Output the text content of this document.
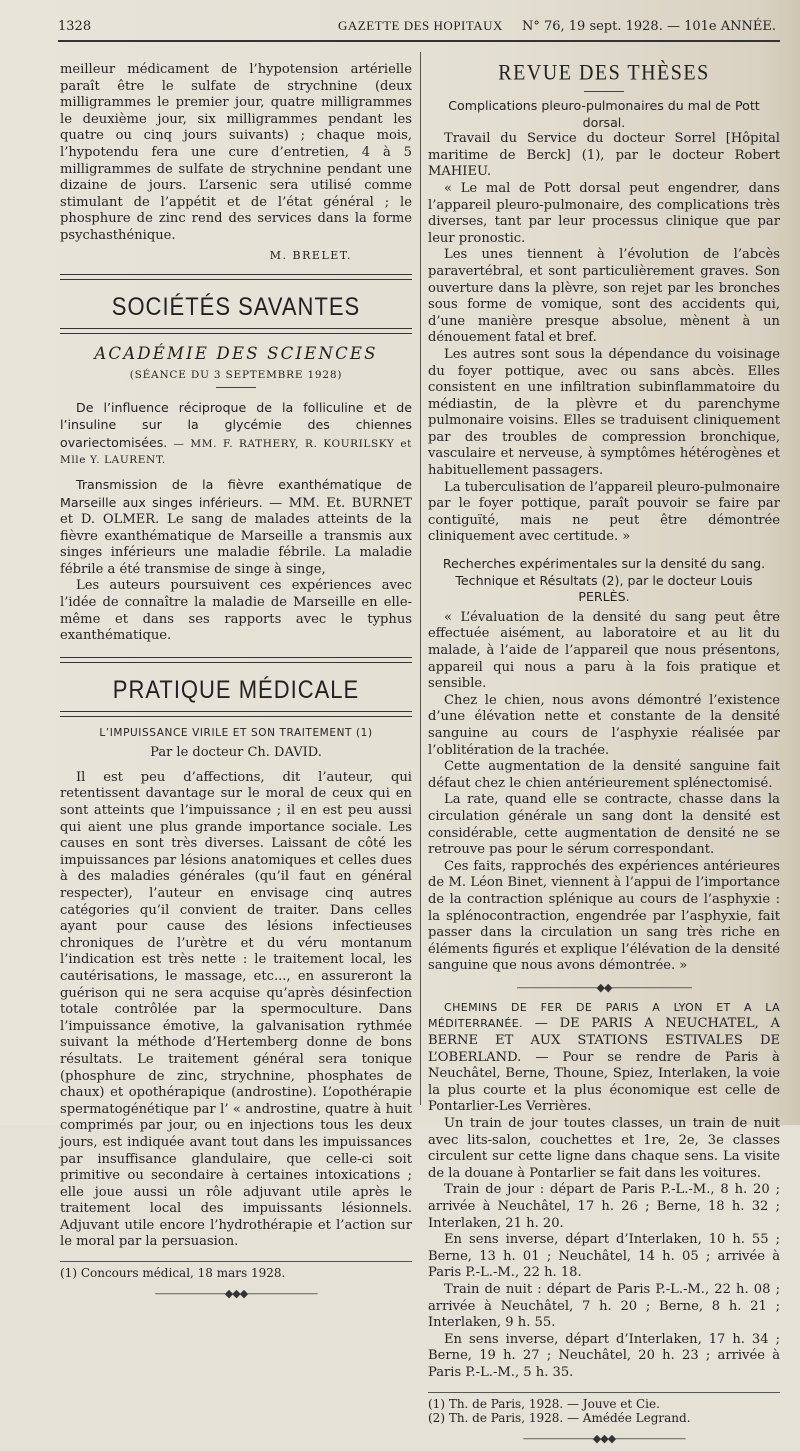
1328	GAZETTE DES HOPITAUX N° 76, 19 sept. 1928. — 101e ANNÉE.

meilleur médicament de l’hypotension artérielle paraît être le sulfate de strychnine (deux milligrammes le premier jour, quatre milligrammes le deuxième jour, six milligrammes pendant les quatre ou cinq jours suivants) ; chaque mois, l’hypotendu fera une cure d’entretien, 4 à 5 milligrammes de sulfate de strychnine pendant une dizaine de jours. L’arsenic sera utilisé comme stimulant de l’appétit et de l’état général ; le phosphure de zinc rend des services dans la forme psychasthénique.

M. BRELET.
SOCIÉTÉS SAVANTES
ACADÉMIE DES SCIENCES
(SÉANCE DU 3 SEPTEMBRE 1928)

De l’influence réciproque de la folliculine et de l’insuline sur la glycémie des chiennes ovariectomisées. — MM. F. RATHERY, R. KOURILSKY et Mlle Y. LAURENT.

Transmission de la fièvre exanthématique de Marseille aux singes inférieurs. — MM. Et. BURNET et D. OLMER. Le sang de malades atteints de la fièvre exanthématique de Marseille a transmis aux singes inférieurs une maladie fébrile. La maladie fébrile a été transmise de singe à singe,

Les auteurs poursuivent ces expériences avec l’idée de connaître la maladie de Marseille en elle-même et dans ses rapports avec le typhus exanthématique.

PRATIQUE MÉDICALE
L’IMPUISSANCE VIRILE ET SON TRAITEMENT (1)
Par le docteur Ch. DAVID.

Il est peu d’affections, dit l’auteur, qui retentissent davantage sur le moral de ceux qui en sont atteints que l’impuissance ; il en est peu aussi qui aient une plus grande importance sociale. Les causes en sont très diverses. Laissant de côté les impuissances par lésions anatomiques et celles dues à des maladies générales (qu’il faut en général respecter), l’auteur en envisage cinq autres catégories qu’il convient de traiter. Dans celles ayant pour cause des lésions infectieuses chroniques de l’urètre et du véru montanum l’indication est très nette : le traitement local, les cautérisations, le massage, etc..., en assureront la guérison qui ne sera acquise qu’après désinfection totale contrôlée par la spermoculture. Dans l’impuissance émotive, la galvanisation rythmée suivant la méthode d’Hertemberg donne de bons résultats. Le traitement général sera tonique (phosphure de zinc, strychnine, phosphates de chaux) et opothérapique (androstine). L’opothérapie spermatogénétique par l’ « androstine, quatre à huit comprimés par jour, ou en injections tous les deux jours, est indiquée avant tout dans les impuissances par insuffisance glandulaire, que celle-ci soit primitive ou secondaire à certaines intoxications ; elle joue aussi un rôle adjuvant utile après le traitement local des impuissants lésionnels. Adjuvant utile encore l’hydrothérapie et l’action sur le moral par la persuasion.

(1) Concours médical, 18 mars 1928.
———————◆◆◆———————
REVUE DES THÈSES

Complications pleuro-pulmonaires du mal de Pott dorsal.

Travail du Service du docteur Sorrel [Hôpital maritime de Berck] (1), par le docteur Robert MAHIEU.

« Le mal de Pott dorsal peut engendrer, dans l’appareil pleuro-pulmonaire, des complications très diverses, tant par leur processus clinique que par leur pronostic.

Les unes tiennent à l’évolution de l’abcès paravertébral, et sont particulièrement graves. Son ouverture dans la plèvre, son rejet par les bronches sous forme de vomique, sont des accidents qui, d’une manière presque absolue, mènent à un dénouement fatal et bref.

Les autres sont sous la dépendance du voisinage du foyer pottique, avec ou sans abcès. Elles consistent en une infiltration subinflammatoire du médiastin, de la plèvre et du parenchyme pulmonaire voisins. Elles se traduisent cliniquement par des troubles de compression bronchique, vasculaire et nerveuse, à symptômes hétérogènes et habituellement passagers.

La tuberculisation de l’appareil pleuro-pulmonaire par le foyer pottique, paraît pouvoir se faire par contiguïté, mais ne peut être démontrée cliniquement avec certitude. »

Recherches expérimentales sur la densité du sang. Technique et Résultats (2), par le docteur Louis PERLÈS.

« L’évaluation de la densité du sang peut être effectuée aisément, au laboratoire et au lit du malade, à l’aide de l’appareil que nous présentons, appareil qui nous a paru à la fois pratique et sensible.

Chez le chien, nous avons démontré l’existence d’une élévation nette et constante de la densité sanguine au cours de l’asphyxie réalisée par l’oblitération de la trachée.

Cette augmentation de la densité sanguine fait défaut chez le chien antérieurement splénectomisé.

La rate, quand elle se contracte, chasse dans la circulation générale un sang dont la densité est considérable, cette augmentation de densité ne se retrouve pas pour le sérum correspondant.

Ces faits, rapprochés des expériences antérieures de M. Léon Binet, viennent à l’appui de l’importance de la contraction splénique au cours de l’asphyxie : la splénocontraction, engendrée par l’asphyxie, fait passer dans la circulation un sang très riche en éléments figurés et explique l’élévation de la densité sanguine que nous avons démontrée. »

————————◆◆————————

CHEMINS DE FER DE PARIS A LYON ET A LA MÉDITERRANÉE. — DE PARIS A NEUCHATEL, A BERNE ET AUX STATIONS ESTIVALES DE L’OBERLAND. — Pour se rendre de Paris à Neuchâtel, Berne, Thoune, Spiez, Interlaken, la voie la plus courte et la plus économique est celle de Pontarlier-Les Verrières.

Un train de jour toutes classes, un train de nuit avec lits-salon, couchettes et 1re, 2e, 3e classes circulent sur cette ligne dans chaque sens. La visite de la douane à Pontarlier se fait dans les voitures.

Train de jour : départ de Paris P.-L.-M., 8 h. 20 ; arrivée à Neuchâtel, 17 h. 26 ; Berne, 18 h. 32 ; Interlaken, 21 h. 20.

En sens inverse, départ d’Interlaken, 10 h. 55 ; Berne, 13 h. 01 ; Neuchâtel, 14 h. 05 ; arrivée à Paris P.-L.-M., 22 h. 18.

Train de nuit : départ de Paris P.-L.-M., 22 h. 08 ; arrivée à Neuchâtel, 7 h. 20 ; Berne, 8 h. 21 ; Interlaken, 9 h. 55.

En sens inverse, départ d’Interlaken, 17 h. 34 ; Berne, 19 h. 27 ; Neuchâtel, 20 h. 23 ; arrivée à Paris P.-L.-M., 5 h. 35.

(1) Th. de Paris, 1928. — Jouve et Cie.
(2) Th. de Paris, 1928. — Amédée Legrand.
———————◆◆◆———————
